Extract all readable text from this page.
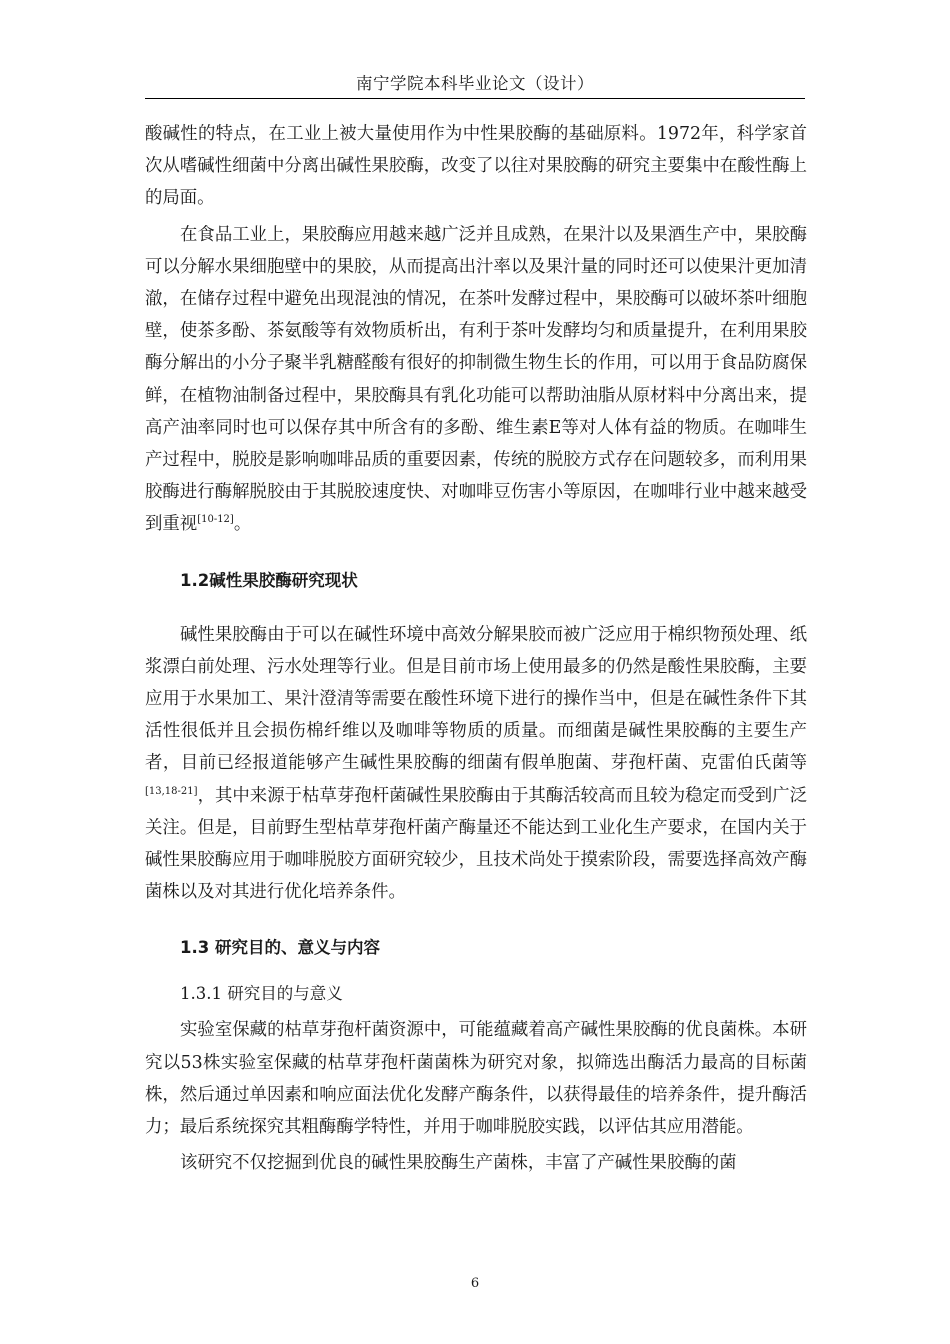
南宁学院本科毕业论文（设计）

酸碱性的特点，在工业上被大量使用作为中性果胶酶的基础原料。1972年，科学家首次从嗜碱性细菌中分离出碱性果胶酶，改变了以往对果胶酶的研究主要集中在酸性酶上的局面。

在食品工业上，果胶酶应用越来越广泛并且成熟，在果汁以及果酒生产中，果胶酶可以分解水果细胞壁中的果胶，从而提高出汁率以及果汁量的同时还可以使果汁更加清澈，在储存过程中避免出现混浊的情况，在茶叶发酵过程中，果胶酶可以破坏茶叶细胞壁，使茶多酚、茶氨酸等有效物质析出，有利于茶叶发酵均匀和质量提升，在利用果胶酶分解出的小分子聚半乳糖醛酸有很好的抑制微生物生长的作用，可以用于食品防腐保鲜，在植物油制备过程中，果胶酶具有乳化功能可以帮助油脂从原材料中分离出来，提高产油率同时也可以保存其中所含有的多酚、维生素E等对人体有益的物质。在咖啡生产过程中，脱胶是影响咖啡品质的重要因素，传统的脱胶方式存在问题较多，而利用果胶酶进行酶解脱胶由于其脱胶速度快、对咖啡豆伤害小等原因，在咖啡行业中越来越受到重视[10-12]。

1.2碱性果胶酶研究现状

碱性果胶酶由于可以在碱性环境中高效分解果胶而被广泛应用于棉织物预处理、纸浆漂白前处理、污水处理等行业。但是目前市场上使用最多的仍然是酸性果胶酶，主要应用于水果加工、果汁澄清等需要在酸性环境下进行的操作当中，但是在碱性条件下其活性很低并且会损伤棉纤维以及咖啡等物质的质量。而细菌是碱性果胶酶的主要生产者，目前已经报道能够产生碱性果胶酶的细菌有假单胞菌、芽孢杆菌、克雷伯氏菌等[13,18-21]，其中来源于枯草芽孢杆菌碱性果胶酶由于其酶活较高而且较为稳定而受到广泛关注。但是，目前野生型枯草芽孢杆菌产酶量还不能达到工业化生产要求，在国内关于碱性果胶酶应用于咖啡脱胶方面研究较少，且技术尚处于摸索阶段，需要选择高效产酶菌株以及对其进行优化培养条件。

1.3 研究目的、意义与内容
1.3.1 研究目的与意义

实验室保藏的枯草芽孢杆菌资源中，可能蕴藏着高产碱性果胶酶的优良菌株。本研究以53株实验室保藏的枯草芽孢杆菌菌株为研究对象，拟筛选出酶活力最高的目标菌株，然后通过单因素和响应面法优化发酵产酶条件，以获得最佳的培养条件，提升酶活力；最后系统探究其粗酶酶学特性，并用于咖啡脱胶实践，以评估其应用潜能。

该研究不仅挖掘到优良的碱性果胶酶生产菌株，丰富了产碱性果胶酶的菌

6
